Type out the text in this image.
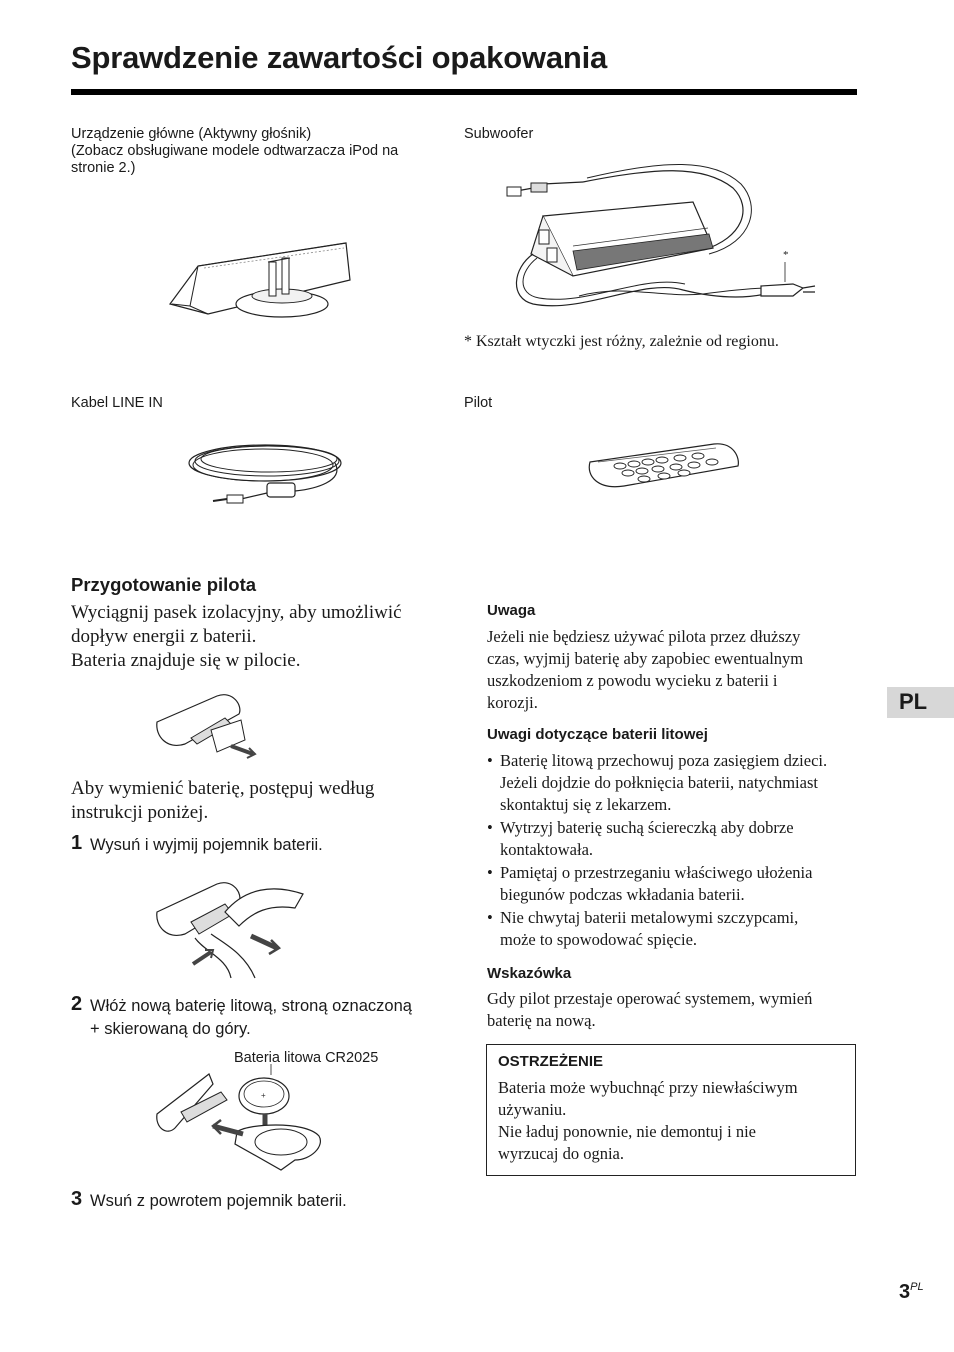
Sprawdzenie zawartości opakowania
Urządzenie główne (Aktywny głośnik)
(Zobacz obsługiwane modele odtwarzacza iPod na
stronie 2.)
Subwoofer
*
* Kształt wtyczki jest różny, zależnie od regionu.
Kabel LINE IN	Pilot
Przygotowanie pilota
Wyciągnij pasek izolacyjny, aby umożliwić
dopływ energii z baterii.
Bateria znajduje się w pilocie.
Aby wymienić baterię, postępuj według
instrukcji poniżej.
1 Wysuń i wyjmij pojemnik baterii.
2 Włóż nową baterię litową, stroną oznaczoną
+ skierowaną do góry.
Bateria litowa CR2025
+
3 Wsuń z powrotem pojemnik baterii.
Uwaga
Jeżeli nie będziesz używać pilota przez dłuższy
czas, wyjmij baterię aby zapobiec ewentualnym
uszkodzeniom z powodu wycieku z baterii i
korozji.
Uwagi dotyczące baterii litowej
• Baterię litową przechowuj poza zasięgiem dzieci.
Jeżeli dojdzie do połknięcia baterii, natychmiast
skontaktuj się z lekarzem.
• Wytrzyj baterię suchą ściereczką aby dobrze
kontaktowała.
• Pamiętaj o przestrzeganiu właściwego ułożenia
biegunów podczas wkładania baterii.
• Nie chwytaj baterii metalowymi szczypcami,
może to spowodować spięcie.
Wskazówka
Gdy pilot przestaje operować systemem, wymień
baterię na nową.
OSTRZEŻENIE
Bateria może wybuchnąć przy niewłaściwym
używaniu.
Nie ładuj ponownie, nie demontuj i nie
wyrzucaj do ognia.
PL
$3^{PL}$
